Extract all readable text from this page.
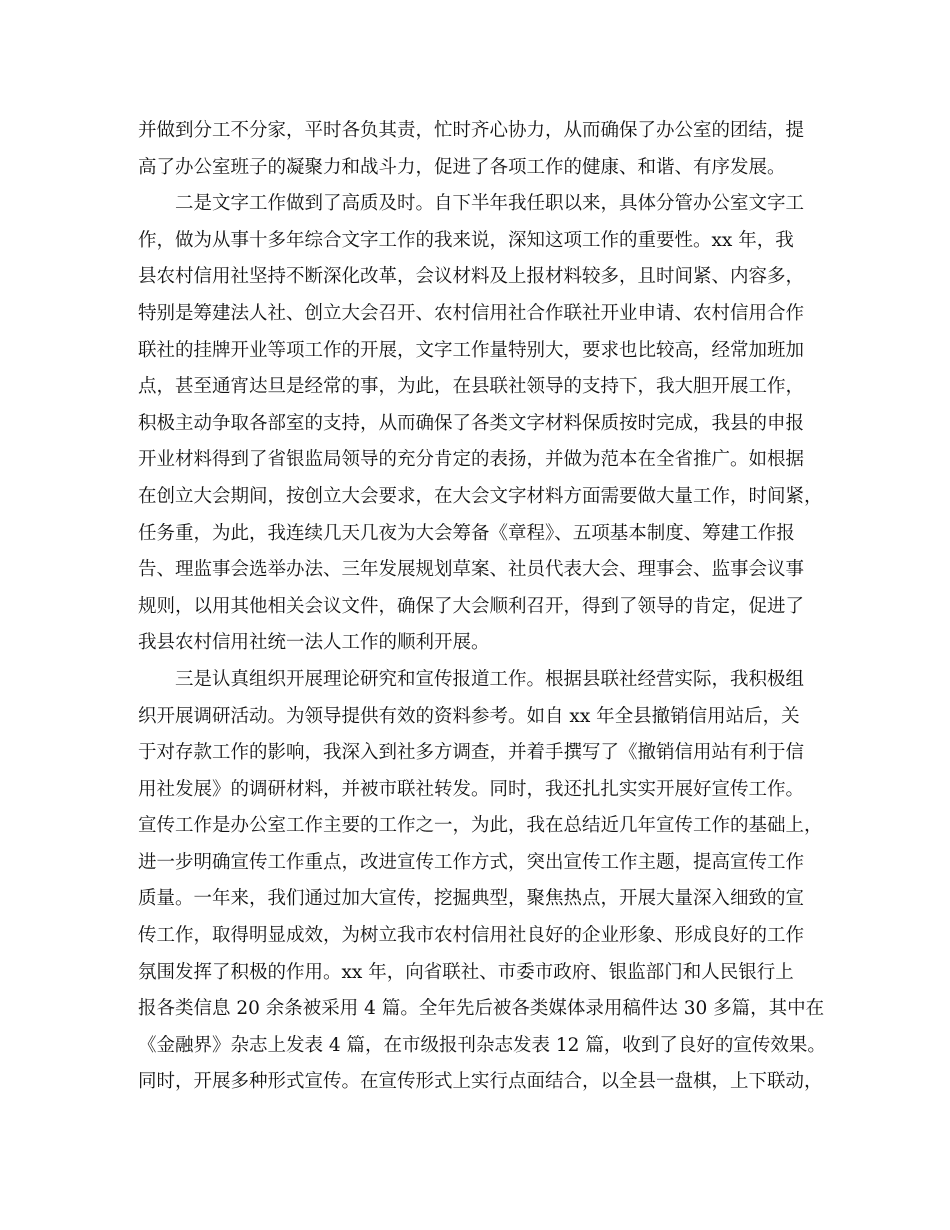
并做到分工不分家，平时各负其责，忙时齐心协力，从而确保了办公室的团结，提
高了办公室班子的凝聚力和战斗力，促进了各项工作的健康、和谐、有序发展。
二是文字工作做到了高质及时。自下半年我任职以来，具体分管办公室文字工
作，做为从事十多年综合文字工作的我来说，深知这项工作的重要性。xx 年，我
县农村信用社坚持不断深化改革，会议材料及上报材料较多，且时间紧、内容多，
特别是筹建法人社、创立大会召开、农村信用社合作联社开业申请、农村信用合作
联社的挂牌开业等项工作的开展，文字工作量特别大，要求也比较高，经常加班加
点，甚至通宵达旦是经常的事，为此，在县联社领导的支持下，我大胆开展工作，
积极主动争取各部室的支持，从而确保了各类文字材料保质按时完成，我县的申报
开业材料得到了省银监局领导的充分肯定的表扬，并做为范本在全省推广。如根据
在创立大会期间，按创立大会要求，在大会文字材料方面需要做大量工作，时间紧，
任务重，为此，我连续几天几夜为大会筹备《章程》、五项基本制度、筹建工作报
告、理监事会选举办法、三年发展规划草案、社员代表大会、理事会、监事会议事
规则，以用其他相关会议文件，确保了大会顺利召开，得到了领导的肯定，促进了
我县农村信用社统一法人工作的顺利开展。
三是认真组织开展理论研究和宣传报道工作。根据县联社经营实际，我积极组
织开展调研活动。为领导提供有效的资料参考。如自 xx 年全县撤销信用站后，关
于对存款工作的影响，我深入到社多方调查，并着手撰写了《撤销信用站有利于信
用社发展》的调研材料，并被市联社转发。同时，我还扎扎实实开展好宣传工作。
宣传工作是办公室工作主要的工作之一，为此，我在总结近几年宣传工作的基础上，
进一步明确宣传工作重点，改进宣传工作方式，突出宣传工作主题，提高宣传工作
质量。一年来，我们通过加大宣传，挖掘典型，聚焦热点，开展大量深入细致的宣
传工作，取得明显成效，为树立我市农村信用社良好的企业形象、形成良好的工作
氛围发挥了积极的作用。xx 年，向省联社、市委市政府、银监部门和人民银行上
报各类信息 20 余条被采用 4 篇。全年先后被各类媒体录用稿件达 30 多篇，其中在
《金融界》杂志上发表 4 篇，在市级报刊杂志发表 12 篇，收到了良好的宣传效果。
同时，开展多种形式宣传。在宣传形式上实行点面结合，以全县一盘棋，上下联动，
